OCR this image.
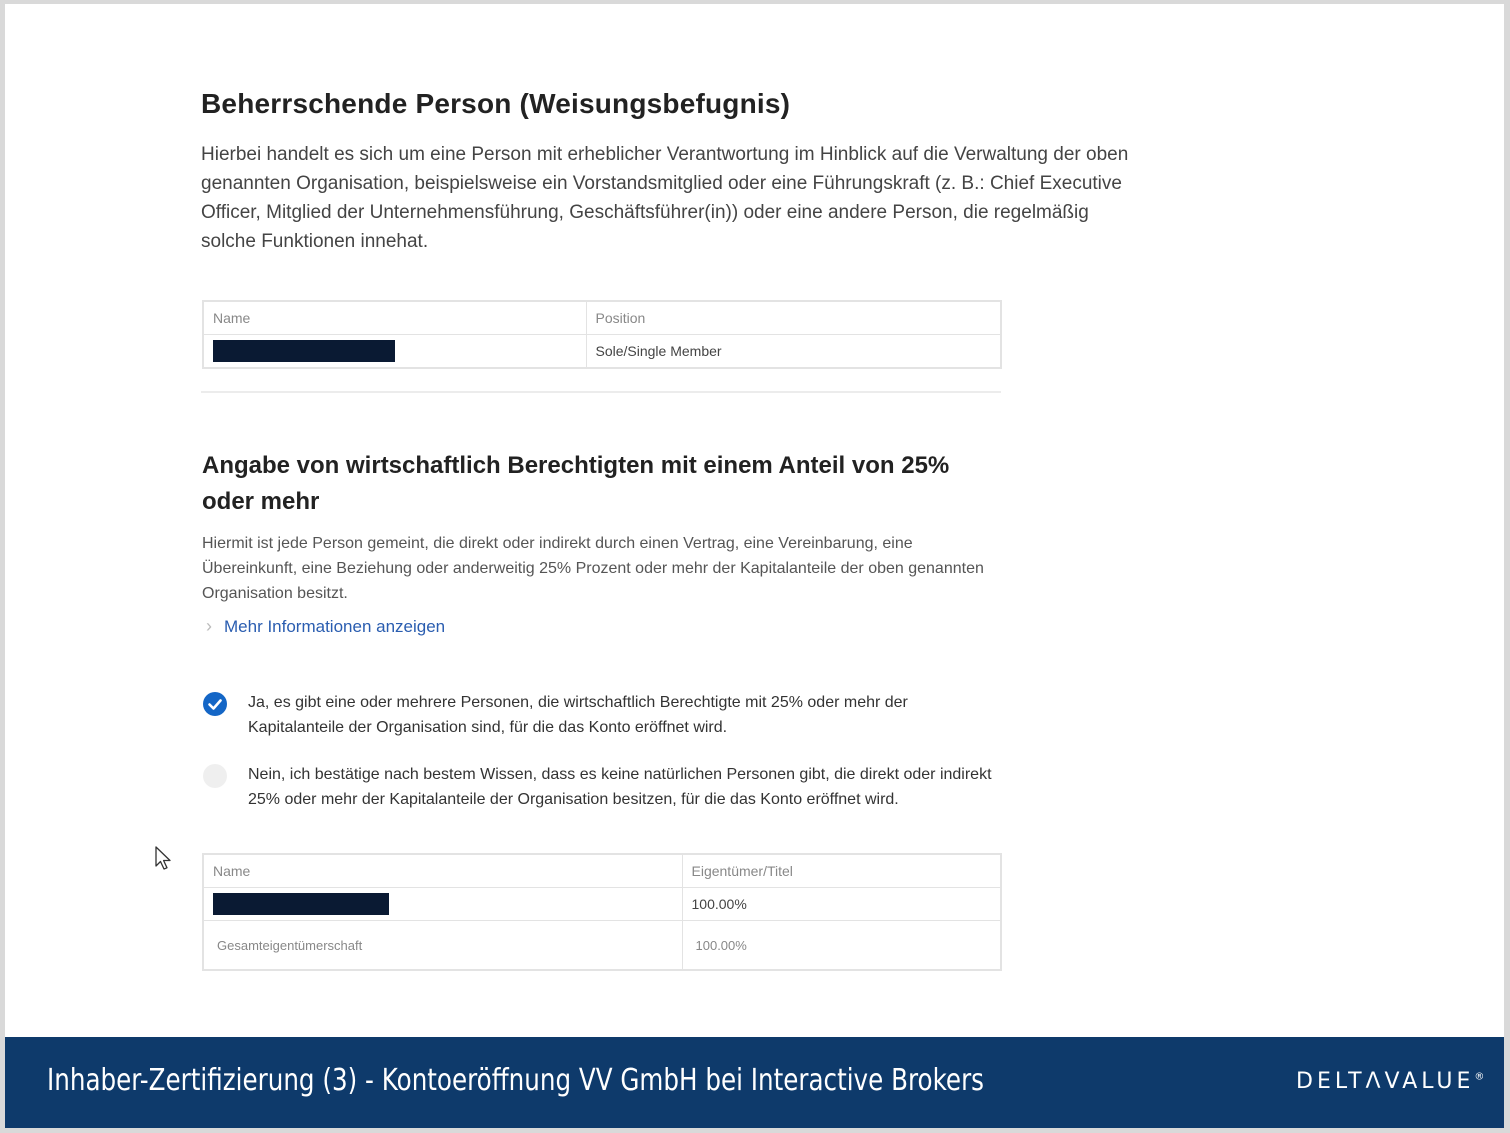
Beherrschende Person (Weisungsbefugnis)

Hierbei handelt es sich um eine Person mit erheblicher Verantwortung im Hinblick auf die Verwaltung der oben genannten Organisation, beispielsweise ein Vorstandsmitglied oder eine Führungskraft (z. B.: Chief Executive Officer, Mitglied der Unternehmensführung, Geschäftsführer(in)) oder eine andere Person, die regelmäßig solche Funktionen innehat.

Name	Position

	Sole/Single Member
Angabe von wirtschaftlich Berechtigten mit einem Anteil von 25% oder mehr

Hiermit ist jede Person gemeint, die direkt oder indirekt durch einen Vertrag, eine Vereinbarung, eine Übereinkunft, eine Beziehung oder anderweitig 25% Prozent oder mehr der Kapitalanteile der oben genannten Organisation besitzt.

› Mehr Informationen anzeigen

Ja, es gibt eine oder mehrere Personen, die wirtschaftlich Berechtigte mit 25% oder mehr der Kapitalanteile der Organisation sind, für die das Konto eröffnet wird.

Nein, ich bestätige nach bestem Wissen, dass es keine natürlichen Personen gibt, die direkt oder indirekt 25% oder mehr der Kapitalanteile der Organisation besitzen, für die das Konto eröffnet wird.

Name	Eigentümer/Titel

	100.00%
Gesamteigentümerschaft	100.00%

Inhaber-Zertifizierung (3) - Kontoeröffnung VV GmbH bei Interactive Brokers	DELTΛVALUE®
